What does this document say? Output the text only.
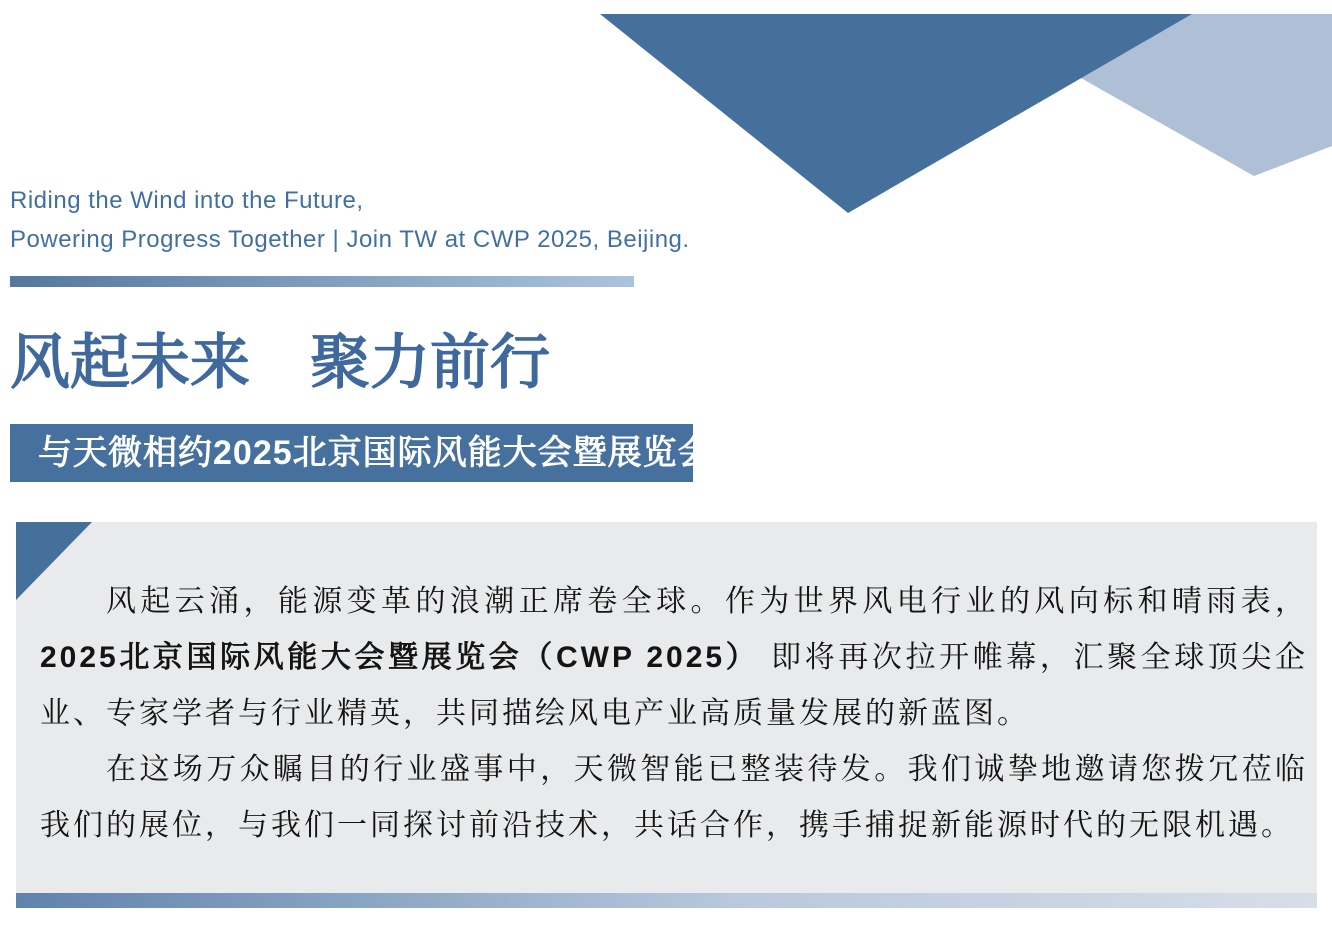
Riding the Wind into the Future,
Powering Progress Together | Join TW at CWP 2025, Beijing.
风起未来　聚力前行
与天微相约2025北京国际风能大会暨展览会
风起云涌，能源变革的浪潮正席卷全球。作为世界风电行业的风向标和晴雨表，
2025北京国际风能大会暨展览会（CWP 2025） 即将再次拉开帷幕，汇聚全球顶尖企
业、专家学者与行业精英，共同描绘风电产业高质量发展的新蓝图。
在这场万众瞩目的行业盛事中，天微智能已整装待发。我们诚挚地邀请您拨冗莅临
我们的展位，与我们一同探讨前沿技术，共话合作，携手捕捉新能源时代的无限机遇。
